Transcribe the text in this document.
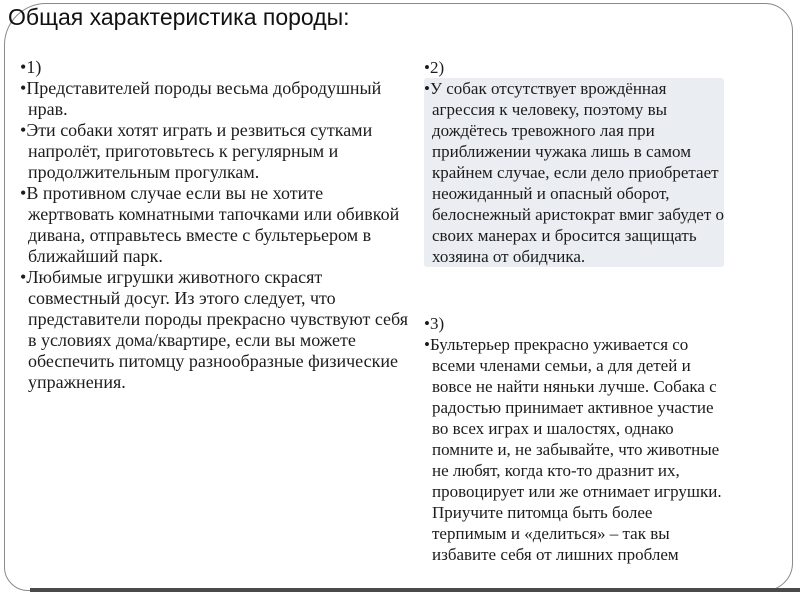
Общая характеристика породы:
• 1)
• Представителей породы весьма добродушный нрав.
• Эти собаки хотят играть и резвиться сутками напролёт, приготовьтесь к регулярным и продолжительным прогулкам.
• В противном случае если вы не хотите жертвовать комнатными тапочками или обивкой дивана, отправьтесь вместе с бультерьером в ближайший парк.
• Любимые игрушки животного скрасят совместный досуг. Из этого следует, что представители породы прекрасно чувствуют себя в условиях дома/квартире, если вы можете обеспечить питомцу разнообразные физические упражнения.
• 2)
• У собак отсутствует врождённая агрессия к человеку, поэтому вы дождётесь тревожного лая при приближении чужака лишь в самом крайнем случае, если дело приобретает неожиданный и опасный оборот, белоснежный аристократ вмиг забудет о своих манерах и бросится защищать хозяина от обидчика.
• 3)
• Бультерьер прекрасно уживается со всеми членами семьи, а для детей и вовсе не найти няньки лучше. Собака с радостью принимает активное участие во всех играх и шалостях, однако помните и, не забывайте, что животные не любят, когда кто-то дразнит их, провоцирует или же отнимает игрушки. Приучите питомца быть более терпимым и «делиться» – так вы избавите себя от лишних проблем
